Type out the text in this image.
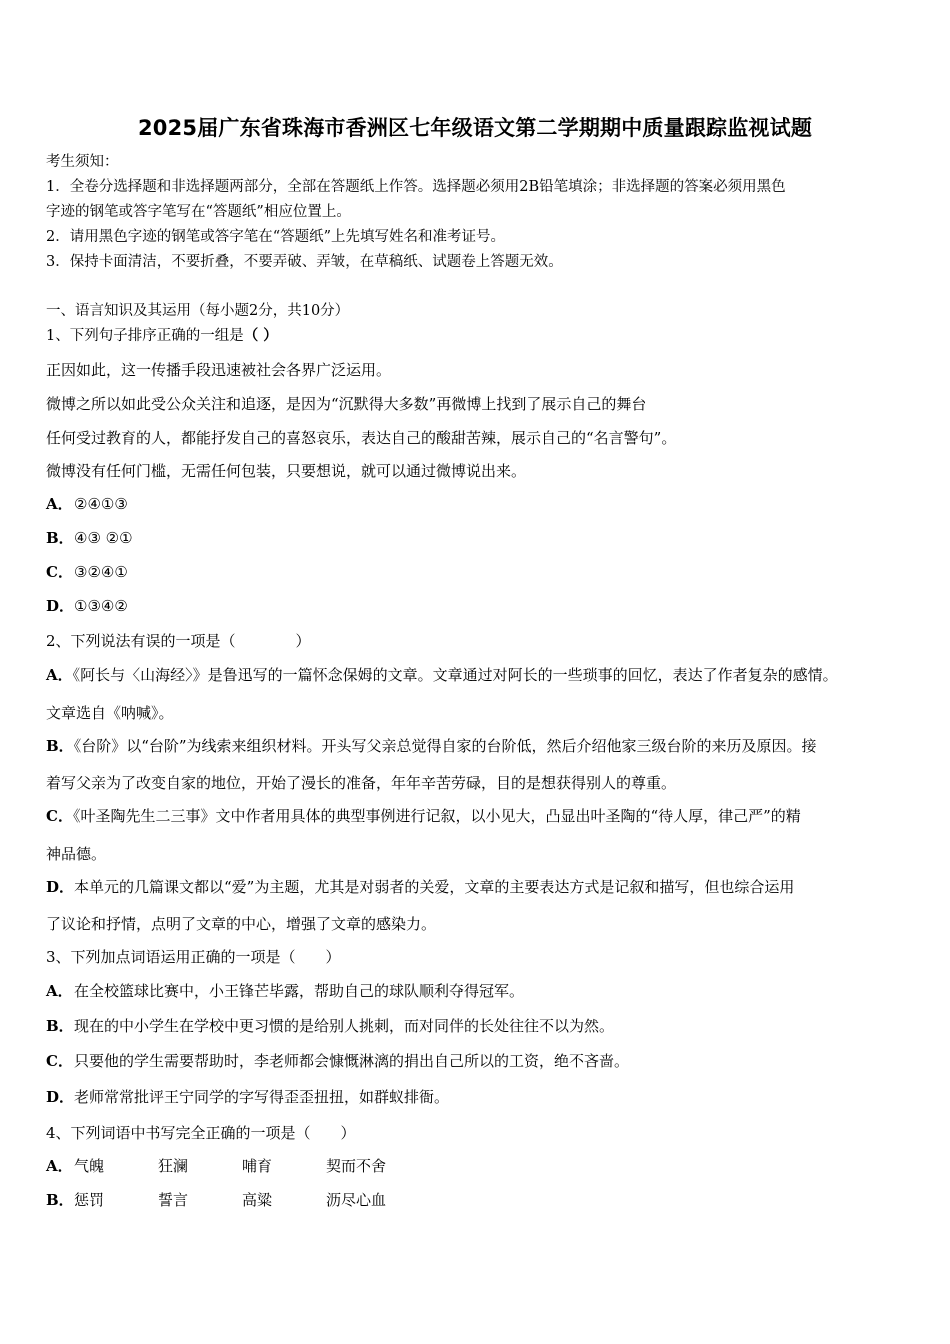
2025届广东省珠海市香洲区七年级语文第二学期期中质量跟踪监视试题
考生须知：
1．全卷分选择题和非选择题两部分，全部在答题纸上作答。选择题必须用2B铅笔填涂；非选择题的答案必须用黑色
字迹的钢笔或答字笔写在“答题纸”相应位置上。
2．请用黑色字迹的钢笔或答字笔在“答题纸”上先填写姓名和准考证号。
3．保持卡面清洁，不要折叠，不要弄破、弄皱，在草稿纸、试题卷上答题无效。
一、语言知识及其运用（每小题2分，共10分）
1、下列句子排序正确的一组是（ ）
正因如此，这一传播手段迅速被社会各界广泛运用。
微博之所以如此受公众关注和追逐，是因为“沉默得大多数”再微博上找到了展示自己的舞台
任何受过教育的人，都能抒发自己的喜怒哀乐，表达自己的酸甜苦辣，展示自己的“名言警句”。
微博没有任何门槛，无需任何包装，只要想说，就可以通过微博说出来。
A．②④①③
B．④③ ②①
C．③②④①
D．①③④②
2、下列说法有误的一项是（　　　　）
A．《阿长与〈山海经〉》是鲁迅写的一篇怀念保姆的文章。文章通过对阿长的一些琐事的回忆，表达了作者复杂的感情。
文章选自《呐喊》。
B．《台阶》以“台阶”为线索来组织材料。开头写父亲总觉得自家的台阶低，然后介绍他家三级台阶的来历及原因。接
着写父亲为了改变自家的地位，开始了漫长的准备，年年辛苦劳碌，目的是想获得别人的尊重。
C．《叶圣陶先生二三事》文中作者用具体的典型事例进行记叙，以小见大，凸显出叶圣陶的“待人厚，律己严”的精
神品德。
D．本单元的几篇课文都以“爱”为主题，尤其是对弱者的关爱，文章的主要表达方式是记叙和描写，但也综合运用
了议论和抒情，点明了文章的中心，增强了文章的感染力。
3、下列加点词语运用正确的一项是（　　）
A．在全校篮球比赛中，小王锋芒毕露，帮助自己的球队顺利夺得冠军。
B．现在的中小学生在学校中更习惯的是给别人挑刺，而对同伴的长处往往不以为然。
C．只要他的学生需要帮助时，李老师都会慷慨淋漓的捐出自己所以的工资，绝不吝啬。
D．老师常常批评王宁同学的字写得歪歪扭扭，如群蚁排衙。
4、下列词语中书写完全正确的一项是（　　）
A．气魄	狂澜	哺育	契而不舍
B．惩罚	誓言	高粱	沥尽心血
